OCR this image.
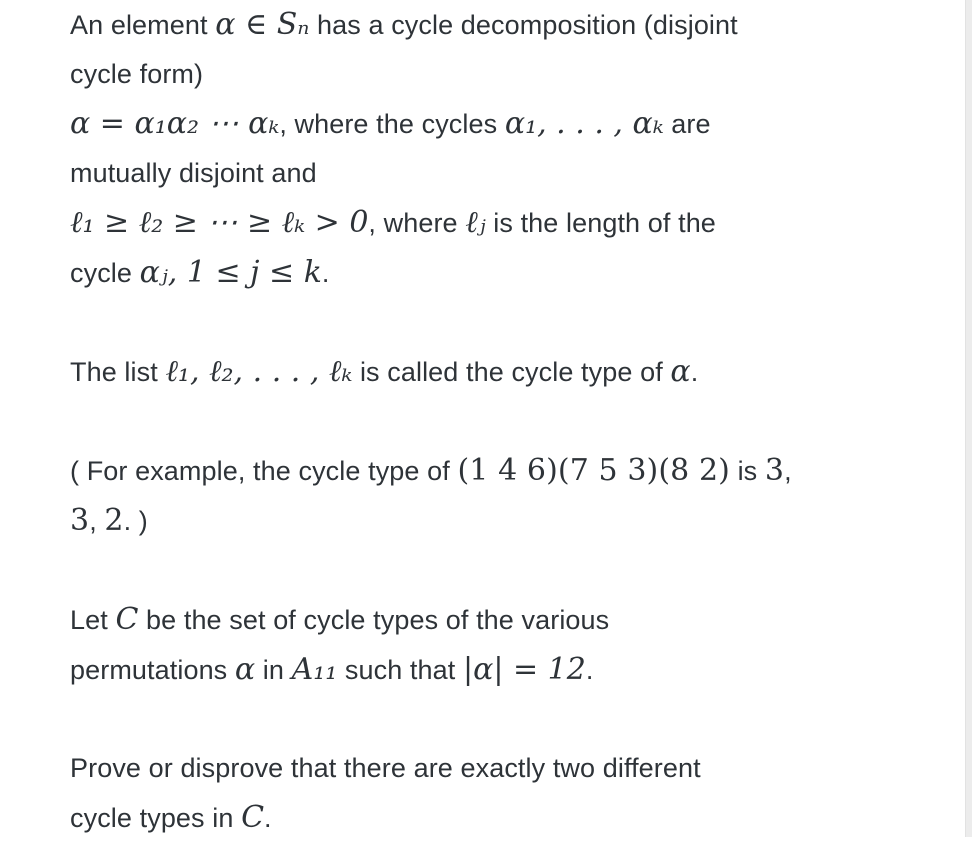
An element α ∈ Sₙ has a cycle decomposition (disjoint
cycle form)
α = α₁α₂ ⋯ αₖ, where the cycles α₁, . . . , αₖ are
mutually disjoint and
ℓ₁ ≥ ℓ₂ ≥ ⋯ ≥ ℓₖ > 0, where ℓⱼ is the length of the
cycle αⱼ, 1 ≤ j ≤ k.

The list ℓ₁, ℓ₂, . . . , ℓₖ is called the cycle type of α.

( For example, the cycle type of (1 4 6)(7 5 3)(8 2) is 3,
3, 2. )

Let C be the set of cycle types of the various
permutations α in A₁₁ such that |α| = 12.

Prove or disprove that there are exactly two different
cycle types in C.
